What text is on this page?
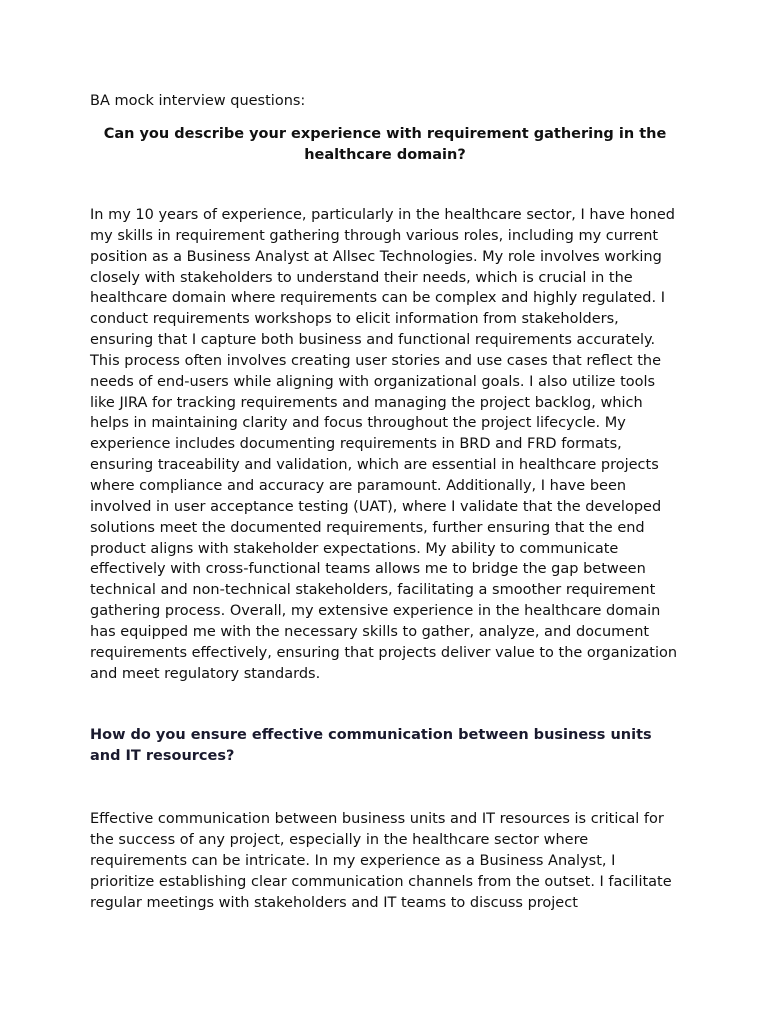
BA mock interview questions:

Can you describe your experience with requirement gathering in the healthcare domain?

In my 10 years of experience, particularly in the healthcare sector, I have honed my skills in requirement gathering through various roles, including my current position as a Business Analyst at Allsec Technologies. My role involves working closely with stakeholders to understand their needs, which is crucial in the healthcare domain where requirements can be complex and highly regulated. I conduct requirements workshops to elicit information from stakeholders, ensuring that I capture both business and functional requirements accurately. This process often involves creating user stories and use cases that reflect the needs of end-users while aligning with organizational goals. I also utilize tools like JIRA for tracking requirements and managing the project backlog, which helps in maintaining clarity and focus throughout the project lifecycle. My experience includes documenting requirements in BRD and FRD formats, ensuring traceability and validation, which are essential in healthcare projects where compliance and accuracy are paramount. Additionally, I have been involved in user acceptance testing (UAT), where I validate that the developed solutions meet the documented requirements, further ensuring that the end product aligns with stakeholder expectations. My ability to communicate effectively with cross-functional teams allows me to bridge the gap between technical and non-technical stakeholders, facilitating a smoother requirement gathering process. Overall, my extensive experience in the healthcare domain has equipped me with the necessary skills to gather, analyze, and document requirements effectively, ensuring that projects deliver value to the organization and meet regulatory standards.

How do you ensure effective communication between business units and IT resources?

Effective communication between business units and IT resources is critical for the success of any project, especially in the healthcare sector where requirements can be intricate. In my experience as a Business Analyst, I prioritize establishing clear communication channels from the outset. I facilitate regular meetings with stakeholders and IT teams to discuss project
